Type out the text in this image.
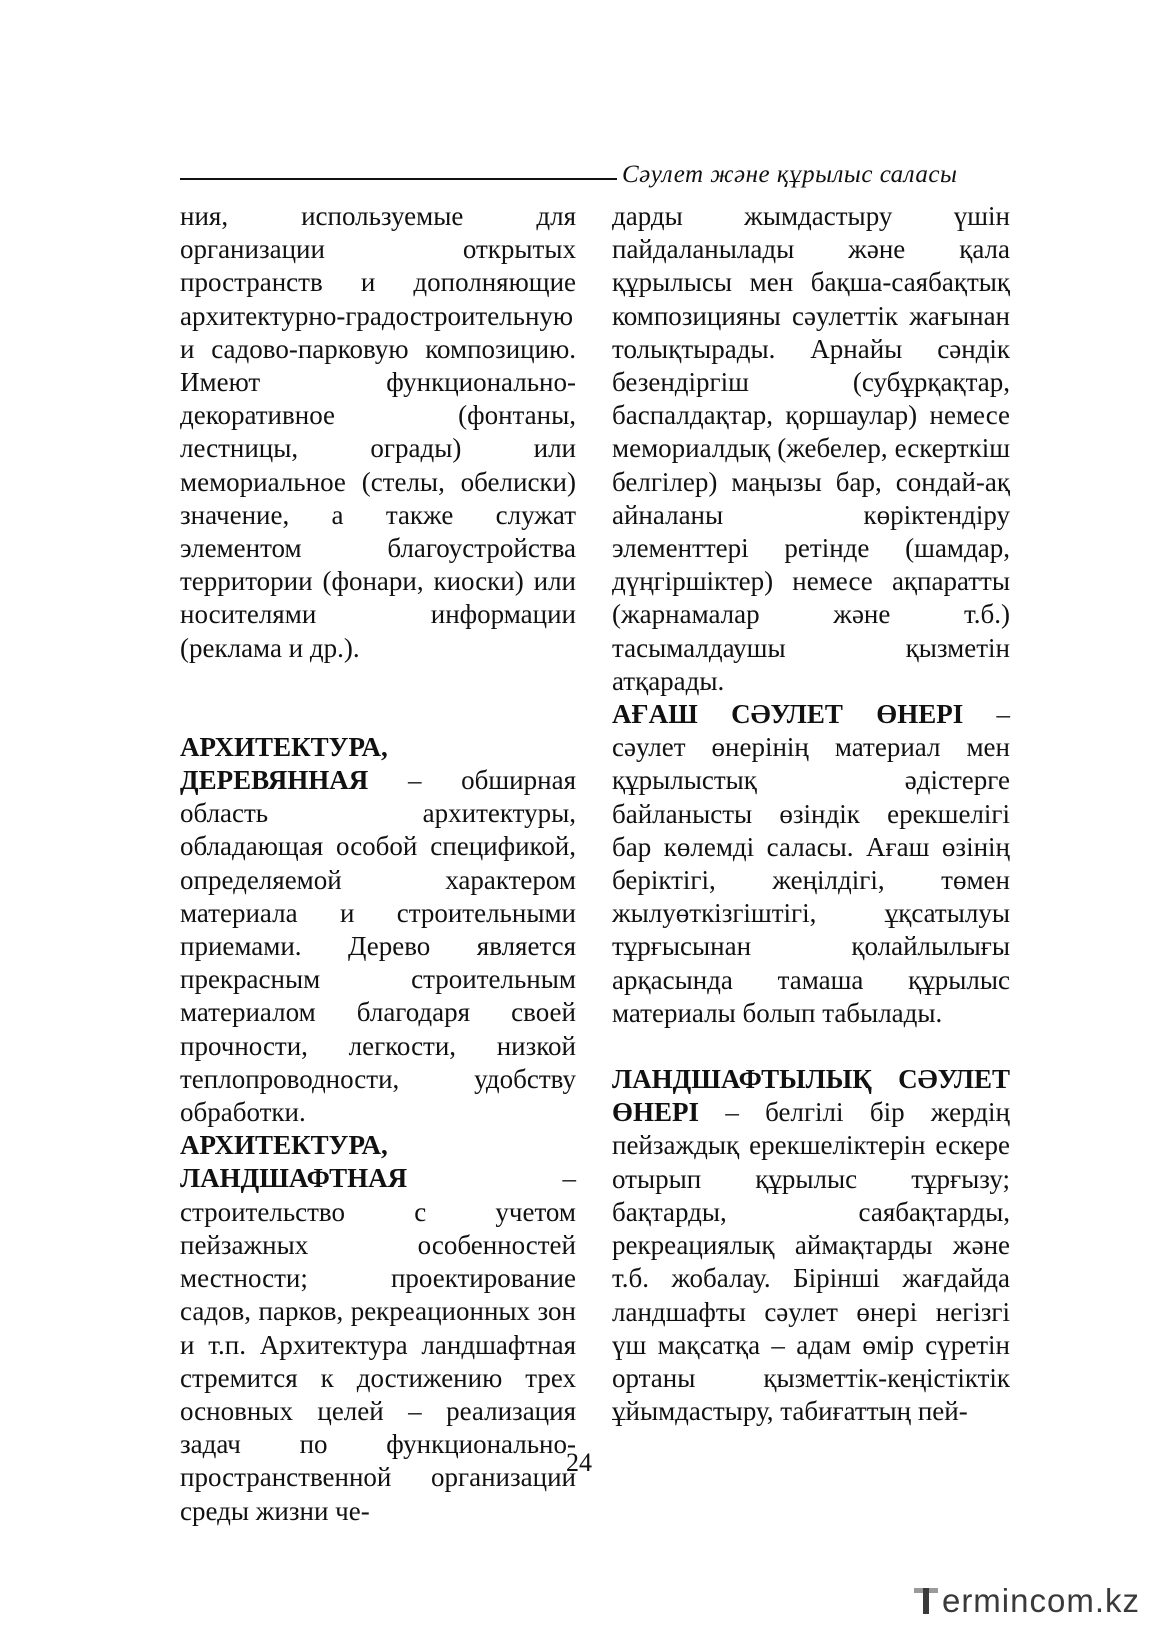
Сәулет және құрылыс саласы

ния, используемые для организации открытых пространств и дополняющие архитектурно-градостроительную и садово-парковую композицию. Имеют функционально-декоративное (фонтаны, лестницы, ограды) или мемориальное (стелы, обелиски) значение, а также служат элементом благоустройства территории (фонари, киоски) или носителями информации (реклама и др.).

АРХИТЕКТУРА, ДЕРЕВЯННАЯ – обширная область архитектуры, обладающая особой спецификой, определяемой характером материала и строительными приемами. Дерево является прекрасным строительным материалом благодаря своей прочности, легкости, низкой теплопроводности, удобству обработки.

АРХИТЕКТУРА, ЛАНДШАФТНАЯ – строительство с учетом пейзажных особенностей местности; проектирование садов, парков, рекреационных зон и т.п. Архитектура ландшафтная стремится к достижению трех основных целей – реализация задач по функционально-пространственной организации среды жизни че-

дарды жымдастыру үшін пайдаланылады және қала құрылысы мен бақша-саябақтық композицияны сәулеттік жағынан толықтырады. Арнайы сәндік безендіргіш (субұрқақтар, баспалдақтар, қоршаулар) немесе мемориалдық (жебелер, ескерткіш белгілер) маңызы бар, сондай-ақ айналаны көріктендіру элементтері ретінде (шамдар, дүңгіршіктер) немесе ақпаратты (жарнамалар және т.б.) тасымалдаушы қызметін атқарады.

АҒАШ СӘУЛЕТ ӨНЕРІ – сәулет өнерінің материал мен құрылыстық әдістерге байланысты өзіндік ерекшелігі бар көлемді саласы. Ағаш өзінің беріктігі, жеңілдігі, төмен жылуөткізгіштігі, ұқсатылуы тұрғысынан қолайлылығы арқасында тамаша құрылыс материалы болып табылады.

ЛАНДШАФТЫЛЫҚ СӘУЛЕТ ӨНЕРІ – белгілі бір жердің пейзаждық ерекшеліктерін ескере отырып құрылыс тұрғызу; бақтарды, саябақтарды, рекреациялық аймақтарды және т.б. жобалау. Бірінші жағдайда ландшафты сәулет өнері негізгі үш мақсатқа – адам өмір сүретін ортаны қызметтік-кеңістіктік ұйымдастыру, табиғаттың пей-

24
ermincom.kz
